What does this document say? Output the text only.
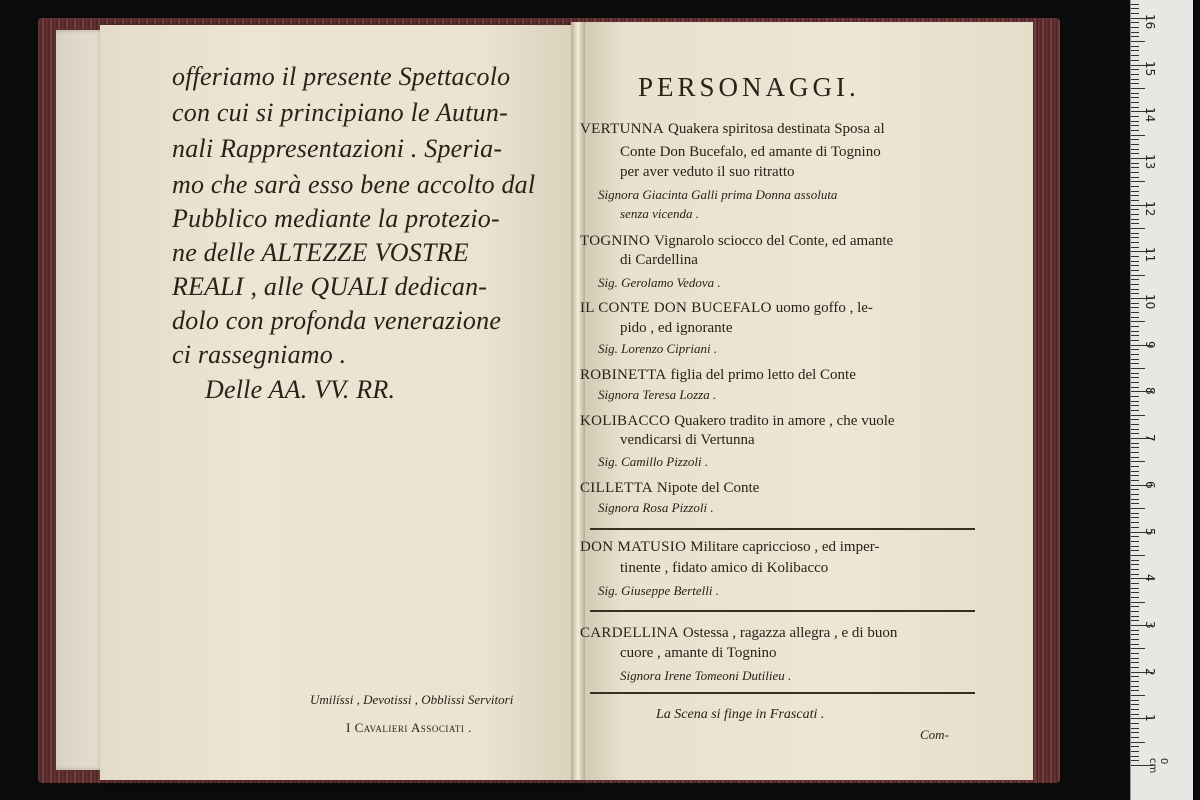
1
2
3
4
5
6
7
8
9
10
11
12
13
14
15
16
0 cm
offeriamo il presente Spettacolo
con cui si principiano le Autun-
nali Rappresentazioni . Speria-
mo che sarà esso bene accolto dal
Pubblico mediante la protezio-
ne delle ALTEZZE VOSTRE
REALI , alle QUALI dedican-
dolo con profonda venerazione
ci rassegniamo .
Delle AA. VV. RR.
Umilíssi , Devotissi , Obblissi Servitori
I Cavalieri Associati .
PERSONAGGI.
VERTUNNA Quakera spiritosa destinata Sposa al
Conte Don Bucefalo, ed amante di Tognino
per aver veduto il suo ritratto
Signora Giacinta Galli prima Donna assoluta
senza vicenda .
TOGNINO Vignarolo sciocco del Conte, ed amante
di Cardellina
Sig. Gerolamo Vedova .
IL CONTE DON BUCEFALO uomo goffo , le-
pido , ed ignorante
Sig. Lorenzo Cipriani .
ROBINETTA figlia del primo letto del Conte
Signora Teresa Lozza .
KOLIBACCO Quakero tradito in amore , che vuole
vendicarsi di Vertunna
Sig. Camillo Pizzoli .
CILLETTA Nipote del Conte
Signora Rosa Pizzoli .
DON MATUSIO Militare capriccioso , ed imper-
tinente , fidato amico di Kolibacco
Sig. Giuseppe Bertelli .
CARDELLINA Ostessa , ragazza allegra , e di buon
cuore , amante di Tognino
Signora Irene Tomeoni Dutilieu .
La Scena si finge in Frascati .
Com-
